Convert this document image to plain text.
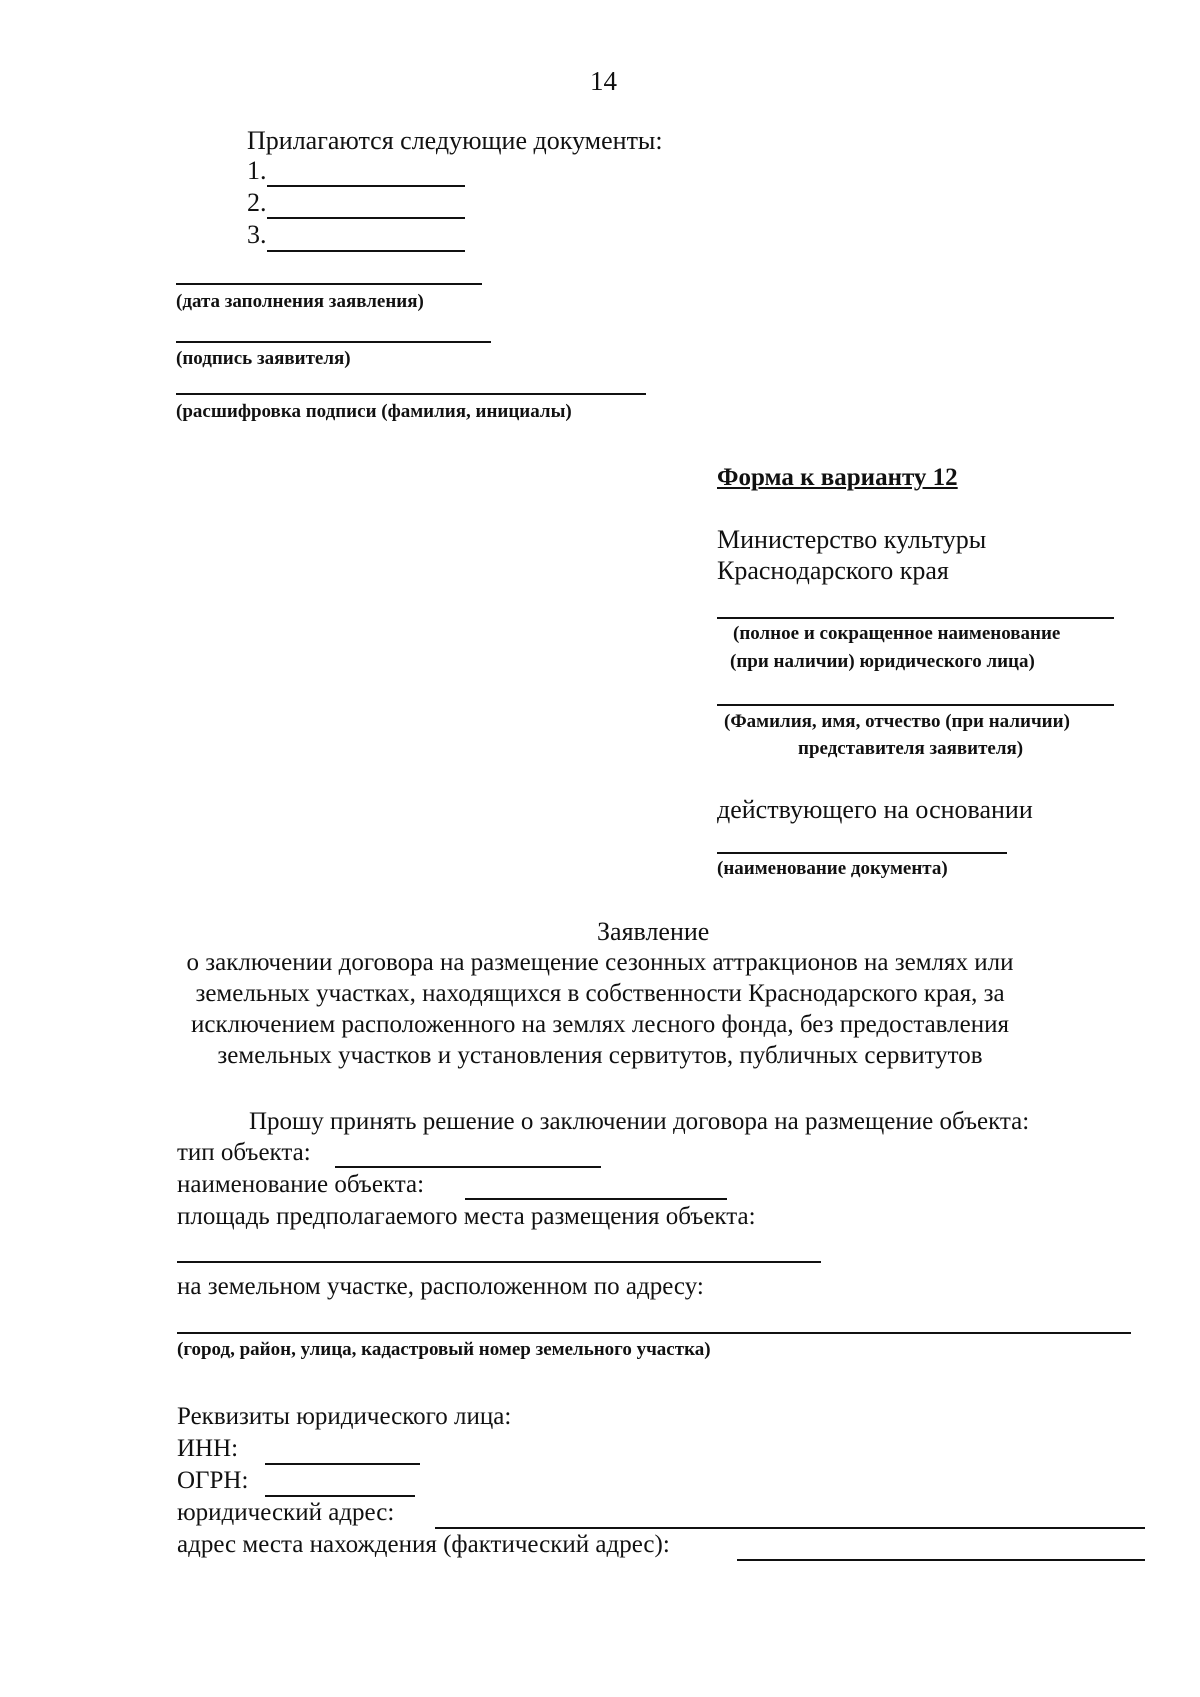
14
Прилагаются следующие документы:
1.
2.
3.
(дата заполнения заявления)
(подпись заявителя)
(расшифровка подписи (фамилия, инициалы)
Форма к варианту 12
Министерство культуры
Краснодарского края
(полное и сокращенное наименование
(при наличии) юридического лица)
(Фамилия, имя, отчество (при наличии)
представителя заявителя)
действующего на основании
(наименование документа)
Заявление
о заключении договора на размещение сезонных аттракционов на землях или
земельных участках, находящихся в собственности Краснодарского края, за
исключением расположенного на землях лесного фонда, без предоставления
земельных участков и установления сервитутов, публичных сервитутов
Прошу принять решение о заключении договора на размещение объекта:
тип объекта:
наименование объекта:
площадь предполагаемого места размещения объекта:
на земельном участке, расположенном по адресу:
(город, район, улица, кадастровый номер земельного участка)
Реквизиты юридического лица:
ИНН:
ОГРН:
юридический адрес:
адрес места нахождения (фактический адрес):
